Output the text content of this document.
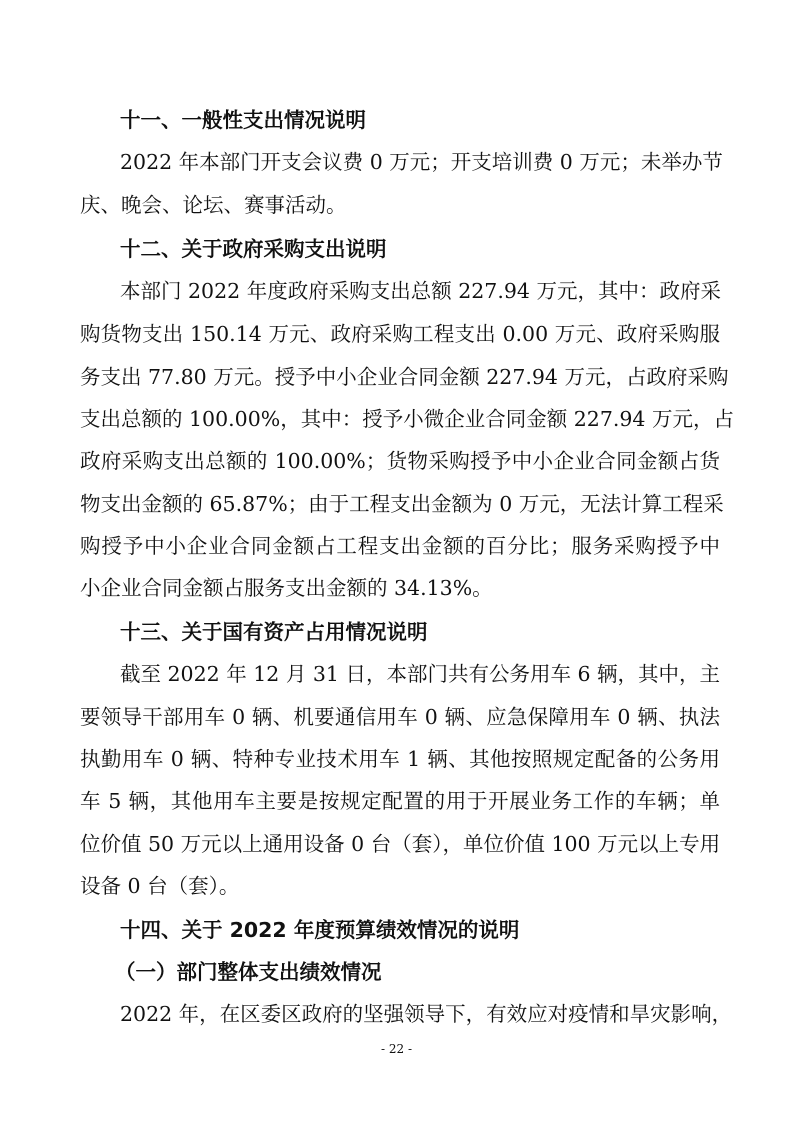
十一、一般性支出情况说明
2022 年本部门开支会议费 0 万元；开支培训费 0 万元；未举办节
庆、晚会、论坛、赛事活动。
十二、关于政府采购支出说明
本部门 2022 年度政府采购支出总额 227.94 万元，其中：政府采
购货物支出 150.14 万元、政府采购工程支出 0.00 万元、政府采购服
务支出 77.80 万元。授予中小企业合同金额 227.94 万元，占政府采购
支出总额的 100.00%，其中：授予小微企业合同金额 227.94 万元，占
政府采购支出总额的 100.00%；货物采购授予中小企业合同金额占货
物支出金额的 65.87%；由于工程支出金额为 0 万元，无法计算工程采
购授予中小企业合同金额占工程支出金额的百分比；服务采购授予中
小企业合同金额占服务支出金额的 34.13%。
十三、关于国有资产占用情况说明
截至 2022 年 12 月 31 日，本部门共有公务用车 6 辆，其中，主
要领导干部用车 0 辆、机要通信用车 0 辆、应急保障用车 0 辆、执法
执勤用车 0 辆、特种专业技术用车 1 辆、其他按照规定配备的公务用
车 5 辆，其他用车主要是按规定配置的用于开展业务工作的车辆；单
位价值 50 万元以上通用设备 0 台（套），单位价值 100 万元以上专用
设备 0 台（套）。
十四、关于 2022 年度预算绩效情况的说明
（一）部门整体支出绩效情况
2022 年，在区委区政府的坚强领导下，有效应对疫情和旱灾影响，
- 22 -
